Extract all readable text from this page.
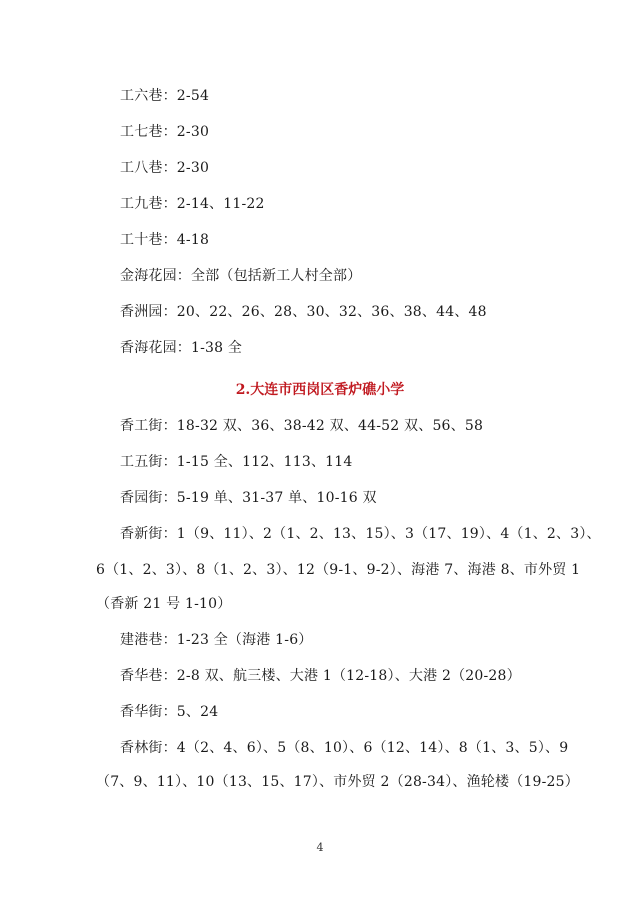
工六巷：2-54
工七巷：2-30
工八巷：2-30
工九巷：2-14、11-22
工十巷：4-18
金海花园：全部（包括新工人村全部）
香洲园：20、22、26、28、30、32、36、38、44、48
香海花园：1-38 全
2.大连市西岗区香炉礁小学
香工街：18-32 双、36、38-42 双、44-52 双、56、58
工五街：1-15 全、112、113、114
香园街：5-19 单、31-37 单、10-16 双
香新街：1（9、11）、2（1、2、13、15）、3（17、19）、4（1、2、3）、
6（1、2、3）、8（1、2、3）、12（9-1、9-2）、海港 7、海港 8、市外贸 1
（香新 21 号 1-10）
建港巷：1-23 全（海港 1-6）
香华巷：2-8 双、航三楼、大港 1（12-18）、大港 2（20-28）
香华街：5、24
香林街：4（2、4、6）、5（8、10）、6（12、14）、8（1、3、5）、9
（7、9、11）、10（13、15、17）、市外贸 2（28-34）、渔轮楼（19-25）
4
